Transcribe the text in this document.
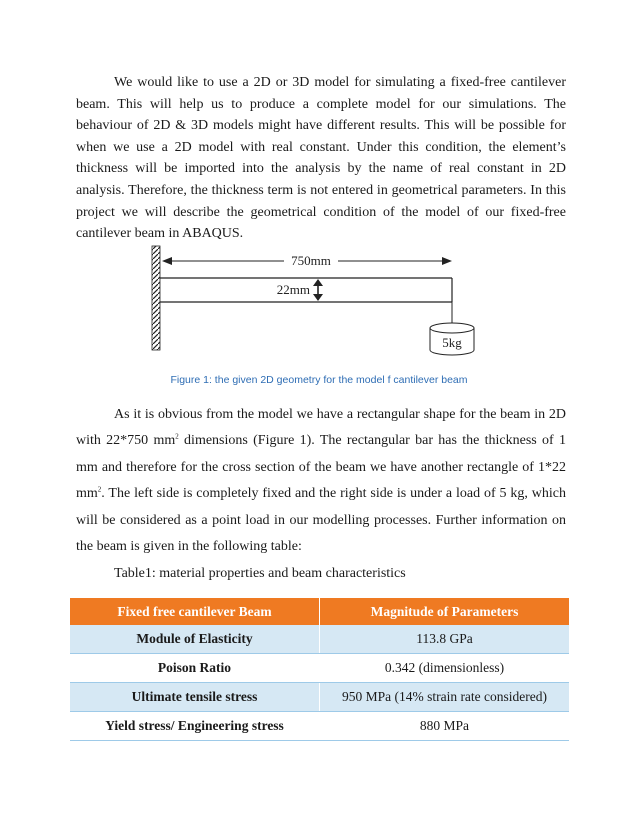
We would like to use a 2D or 3D model for simulating a fixed-free cantilever beam. This will help us to produce a complete model for our simulations. The behaviour of 2D & 3D models might have different results. This will be possible for when we use a 2D model with real constant. Under this condition, the element’s thickness will be imported into the analysis by the name of real constant in 2D analysis. Therefore, the thickness term is not entered in geometrical parameters. In this project we will describe the geometrical condition of the model of our fixed-free cantilever beam in ABAQUS.

750mm
22mm
5kg
Figure 1: the given 2D geometry for the model f cantilever beam

As it is obvious from the model we have a rectangular shape for the beam in 2D with 22*750 $mm^2$ dimensions (Figure 1). The rectangular bar has the thickness of 1 mm and therefore for the cross section of the beam we have another rectangle of 1*22 $mm^2$. The left side is completely fixed and the right side is under a load of 5 kg, which will be considered as a point load in our modelling processes. Further information on the beam is given in the following table:

Table1: material properties and beam characteristics
Fixed free cantilever Beam	Magnitude of Parameters
Module of Elasticity	113.8 GPa
Poison Ratio	0.342 (dimensionless)
Ultimate tensile stress	950 MPa (14% strain rate considered)
Yield stress/ Engineering stress	880 MPa
